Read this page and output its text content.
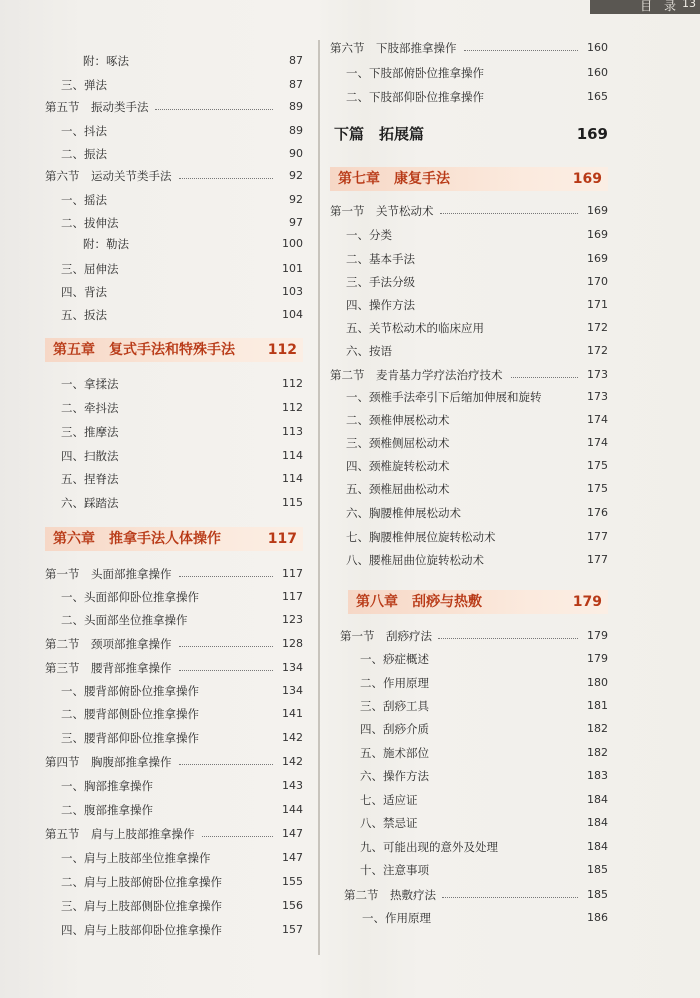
目 录 13
附：啄法	87
三、弹法	87
第五节　振动类手法	89
一、抖法	89
二、振法	90
第六节　运动关节类手法	92
一、摇法	92
二、拔伸法	97
附：勒法	100
三、屈伸法	101
四、背法	103
五、扳法	104
第五章　复式手法和特殊手法 112
一、拿揉法	112
二、牵抖法	112
三、推摩法	113
四、扫散法	114
五、捏脊法	114
六、踩踏法	115
第六章　推拿手法人体操作	117
第一节　头面部推拿操作	117
一、头面部仰卧位推拿操作	117
二、头面部坐位推拿操作	123
第二节　颈项部推拿操作	128
第三节　腰背部推拿操作	134
一、腰背部俯卧位推拿操作	134
二、腰背部侧卧位推拿操作	141
三、腰背部仰卧位推拿操作	142
第四节　胸腹部推拿操作	142
一、胸部推拿操作	143
二、腹部推拿操作	144
第五节　肩与上肢部推拿操作	147
一、肩与上肢部坐位推拿操作	147
二、肩与上肢部俯卧位推拿操作	155
三、肩与上肢部侧卧位推拿操作	156
四、肩与上肢部仰卧位推拿操作	157
第六节　下肢部推拿操作	160
一、下肢部俯卧位推拿操作	160
二、下肢部仰卧位推拿操作	165
下篇　拓展篇	169
第七章　康复手法	169
第一节　关节松动术	169
一、分类	169
二、基本手法	169
三、手法分级	170
四、操作方法	171
五、关节松动术的临床应用	172
六、按语	172
第二节　麦肯基力学疗法治疗技术	173
一、颈椎手法牵引下后缩加伸展和旋转	173
二、颈椎伸展松动术	174
三、颈椎侧屈松动术	174
四、颈椎旋转松动术	175
五、颈椎屈曲松动术	175
六、胸腰椎伸展松动术	176
七、胸腰椎伸展位旋转松动术	177
八、腰椎屈曲位旋转松动术	177
第八章　刮痧与热敷	179
第一节　刮痧疗法	179
一、痧症概述	179
二、作用原理	180
三、刮痧工具	181
四、刮痧介质	182
五、施术部位	182
六、操作方法	183
七、适应证	184
八、禁忌证	184
九、可能出现的意外及处理	184
十、注意事项	185
第二节　热敷疗法	185
一、作用原理	186
